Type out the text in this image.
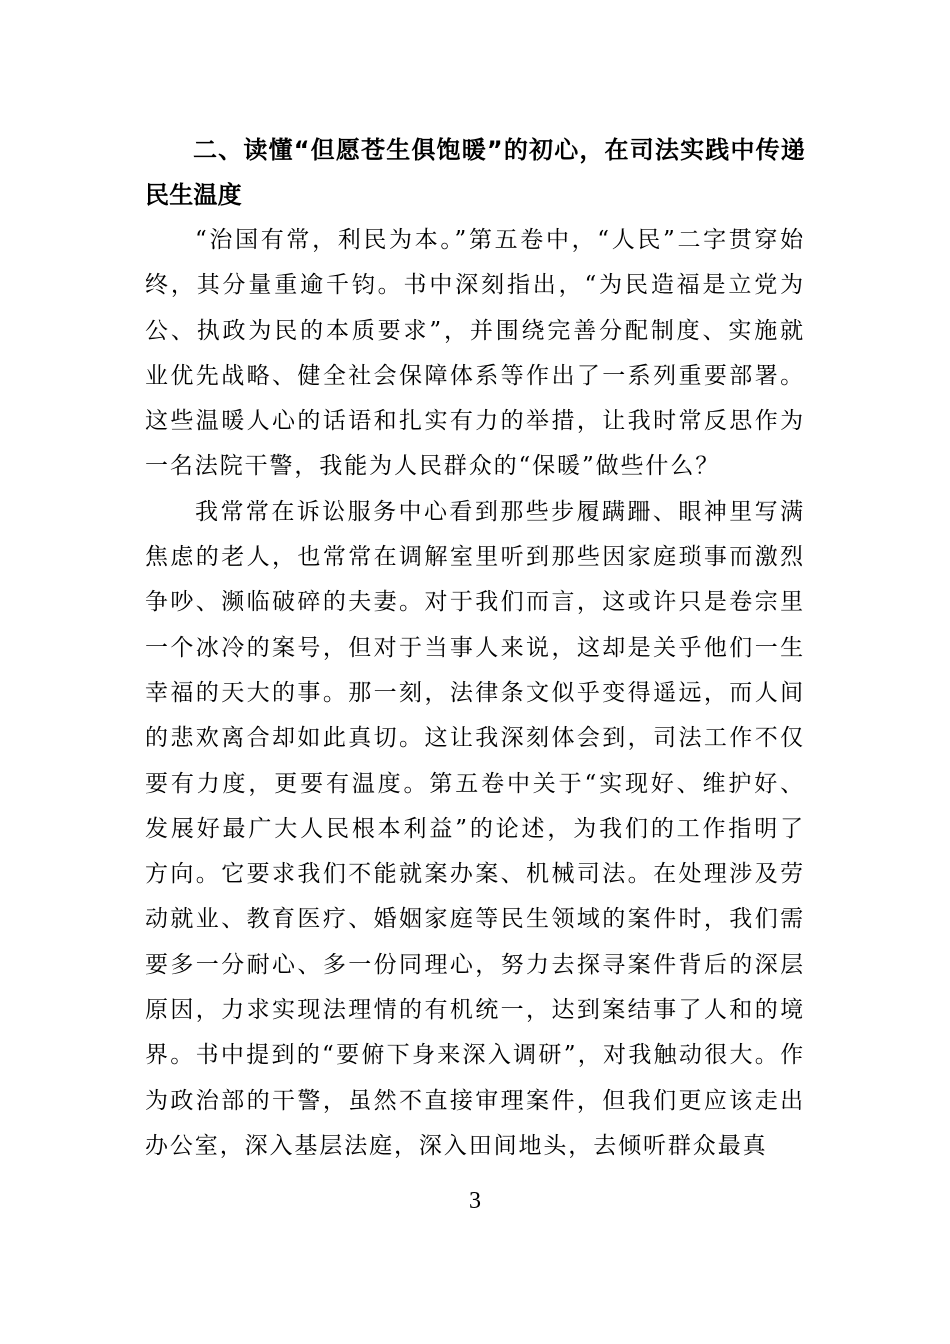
二、读懂“但愿苍生俱饱暖”的初心，在司法实践中传递民生温度

“治国有常，利民为本。”第五卷中，“人民”二字贯穿始终，其分量重逾千钧。书中深刻指出，“为民造福是立党为公、执政为民的本质要求”，并围绕完善分配制度、实施就业优先战略、健全社会保障体系等作出了一系列重要部署。这些温暖人心的话语和扎实有力的举措，让我时常反思作为一名法院干警，我能为人民群众的“保暖”做些什么？

我常常在诉讼服务中心看到那些步履蹒跚、眼神里写满焦虑的老人，也常常在调解室里听到那些因家庭琐事而激烈争吵、濒临破碎的夫妻。对于我们而言，这或许只是卷宗里一个冰冷的案号，但对于当事人来说，这却是关乎他们一生幸福的天大的事。那一刻，法律条文似乎变得遥远，而人间的悲欢离合却如此真切。这让我深刻体会到，司法工作不仅要有力度，更要有温度。第五卷中关于“实现好、维护好、发展好最广大人民根本利益”的论述，为我们的工作指明了方向。它要求我们不能就案办案、机械司法。在处理涉及劳动就业、教育医疗、婚姻家庭等民生领域的案件时，我们需要多一分耐心、多一份同理心，努力去探寻案件背后的深层原因，力求实现法理情的有机统一，达到案结事了人和的境界。书中提到的“要俯下身来深入调研”，对我触动很大。作为政治部的干警，虽然不直接审理案件，但我们更应该走出办公室，深入基层法庭，深入田间地头，去倾听群众最真

3
